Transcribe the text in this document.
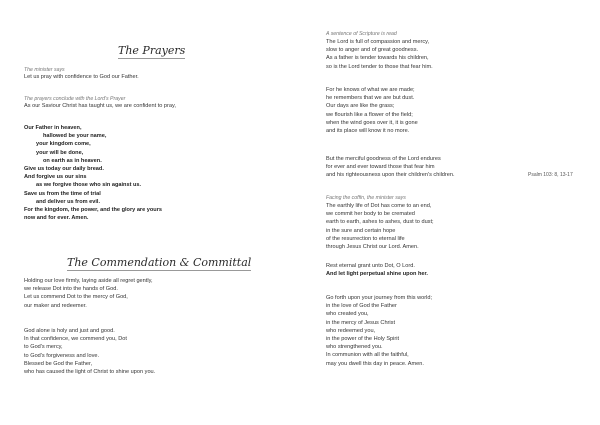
The Prayers
The minister says
Let us pray with confidence to God our Father.
The prayers conclude with the Lord's Prayer
As our Saviour Christ has taught us, we are confident to pray,
Our Father in heaven,
hallowed be your name,
your kingdom come,
your will be done,
on earth as in heaven.
Give us today our daily bread.
And forgive us our sins
as we forgive those who sin against us.
Save us from the time of trial
and deliver us from evil.
For the kingdom, the power, and the glory are yours
now and for ever. Amen.
The Commendation & Committal
Holding our love firmly, laying aside all regret gently,
we release Dot into the hands of God.
Let us commend Dot to the mercy of God,
our maker and redeemer.
God alone is holy and just and good.
In that confidence, we commend you, Dot
to God's mercy,
to God's forgiveness and love.
Blessed be God the Father,
who has caused the light of Christ to shine upon you.
A sentence of Scripture is read
The Lord is full of compassion and mercy,
slow to anger and of great goodness.
As a father is tender towards his children,
so is the Lord tender to those that fear him.
For he knows of what we are made;
he remembers that we are but dust.
Our days are like the grass;
we flourish like a flower of the field;
when the wind goes over it, it is gone
and its place will know it no more.
But the merciful goodness of the Lord endures
for ever and ever toward those that fear him
and his righteousness upon their children's children.	Psalm 103: 8, 13-17
Facing the coffin, the minister says
The earthly life of Dot has come to an end,
we commit her body to be cremated
earth to earth, ashes to ashes, dust to dust;
in the sure and certain hope
of the resurrection to eternal life
through Jesus Christ our Lord. Amen.
Rest eternal grant unto Dot, O Lord.
And let light perpetual shine upon her.
Go forth upon your journey from this world;
in the love of God the Father
who created you,
in the mercy of Jesus Christ
who redeemed you,
in the power of the Holy Spirit
who strengthened you.
In communion with all the faithful,
may you dwell this day in peace. Amen.
